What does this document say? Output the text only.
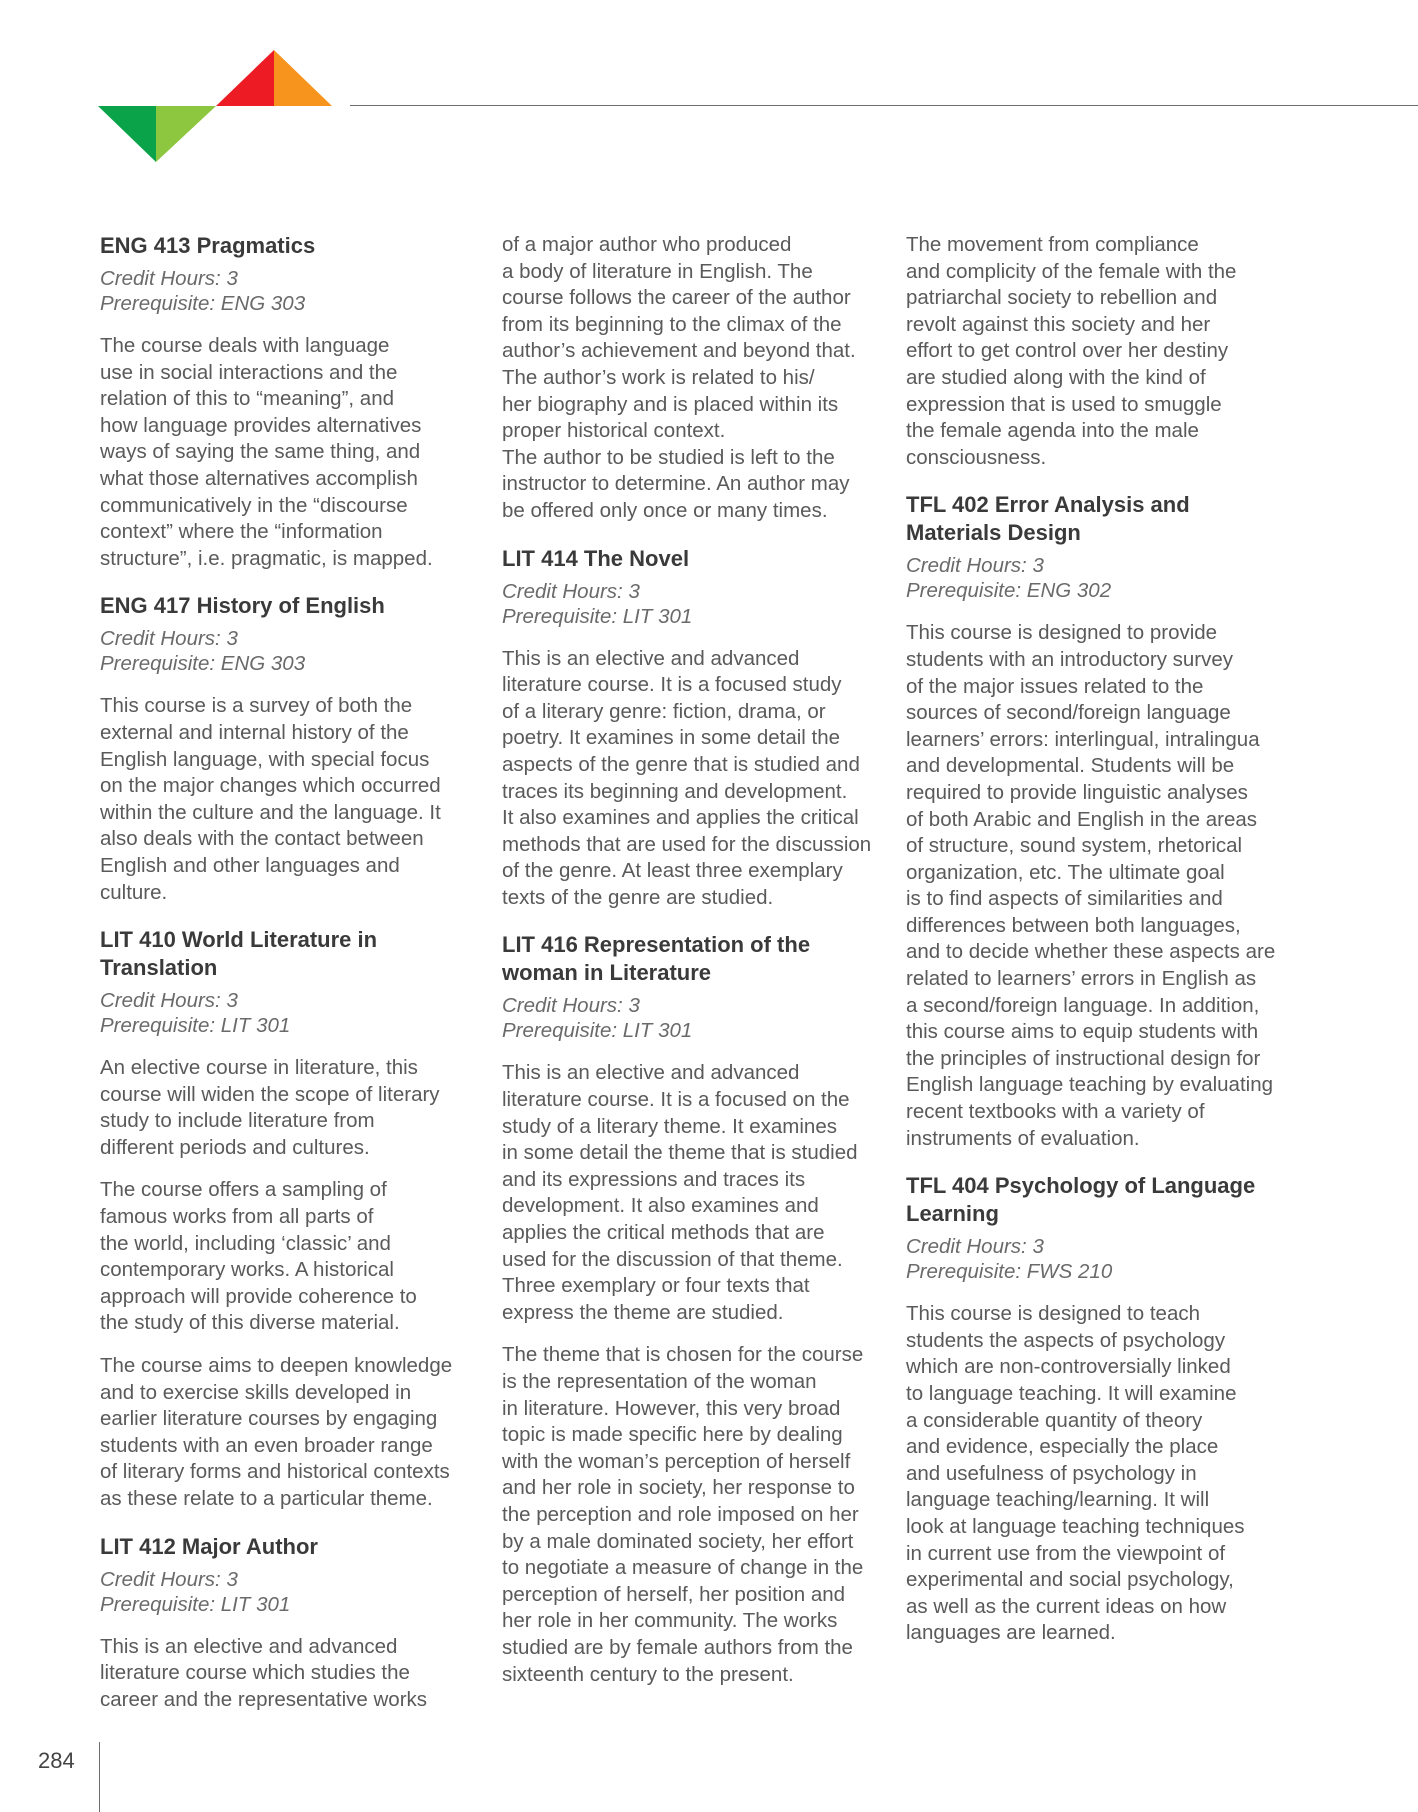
ENG 413 Pragmatics
Credit Hours: 3
Prerequisite: ENG 303

The course deals with language
use in social interactions and the
relation of this to “meaning”, and
how language provides alternatives
ways of saying the same thing, and
what those alternatives accomplish
communicatively in the “discourse
context” where the “information
structure”, i.e. pragmatic, is mapped.

ENG 417 History of English
Credit Hours: 3
Prerequisite: ENG 303

This course is a survey of both the
external and internal history of the
English language, with special focus
on the major changes which occurred
within the culture and the language. It
also deals with the contact between
English and other languages and
culture.

LIT 410 World Literature in
Translation
Credit Hours: 3
Prerequisite: LIT 301

An elective course in literature, this
course will widen the scope of literary
study to include literature from
different periods and cultures.

The course offers a sampling of
famous works from all parts of
the world, including ‘classic’ and
contemporary works. A historical
approach will provide coherence to
the study of this diverse material.

The course aims to deepen knowledge
and to exercise skills developed in
earlier literature courses by engaging
students with an even broader range
of literary forms and historical contexts
as these relate to a particular theme.

LIT 412 Major Author
Credit Hours: 3
Prerequisite: LIT 301

This is an elective and advanced
literature course which studies the
career and the representative works

of a major author who produced
a body of literature in English. The
course follows the career of the author
from its beginning to the climax of the
author’s achievement and beyond that.
The author’s work is related to his/
her biography and is placed within its
proper historical context.
The author to be studied is left to the
instructor to determine. An author may
be offered only once or many times.

LIT 414 The Novel
Credit Hours: 3
Prerequisite: LIT 301

This is an elective and advanced
literature course. It is a focused study
of a literary genre: fiction, drama, or
poetry. It examines in some detail the
aspects of the genre that is studied and
traces its beginning and development.
It also examines and applies the critical
methods that are used for the discussion
of the genre. At least three exemplary
texts of the genre are studied.

LIT 416 Representation of the
woman in Literature
Credit Hours: 3
Prerequisite: LIT 301

This is an elective and advanced
literature course. It is a focused on the
study of a literary theme. It examines
in some detail the theme that is studied
and its expressions and traces its
development. It also examines and
applies the critical methods that are
used for the discussion of that theme.
Three exemplary or four texts that
express the theme are studied.

The theme that is chosen for the course
is the representation of the woman
in literature. However, this very broad
topic is made specific here by dealing
with the woman’s perception of herself
and her role in society, her response to
the perception and role imposed on her
by a male dominated society, her effort
to negotiate a measure of change in the
perception of herself, her position and
her role in her community. The works
studied are by female authors from the
sixteenth century to the present.

The movement from compliance
and complicity of the female with the
patriarchal society to rebellion and
revolt against this society and her
effort to get control over her destiny
are studied along with the kind of
expression that is used to smuggle
the female agenda into the male
consciousness.

TFL 402 Error Analysis and
Materials Design
Credit Hours: 3
Prerequisite: ENG 302

This course is designed to provide
students with an introductory survey
of the major issues related to the
sources of second/foreign language
learners’ errors: interlingual, intralingua
and developmental. Students will be
required to provide linguistic analyses
of both Arabic and English in the areas
of structure, sound system, rhetorical
organization, etc. The ultimate goal
is to find aspects of similarities and
differences between both languages,
and to decide whether these aspects are
related to learners’ errors in English as
a second/foreign language. In addition,
this course aims to equip students with
the principles of instructional design for
English language teaching by evaluating
recent textbooks with a variety of
instruments of evaluation.

TFL 404 Psychology of Language
Learning
Credit Hours: 3
Prerequisite: FWS 210

This course is designed to teach
students the aspects of psychology
which are non-controversially linked
to language teaching. It will examine
a considerable quantity of theory
and evidence, especially the place
and usefulness of psychology in
language teaching/learning. It will
look at language teaching techniques
in current use from the viewpoint of
experimental and social psychology,
as well as the current ideas on how
languages are learned.

284
